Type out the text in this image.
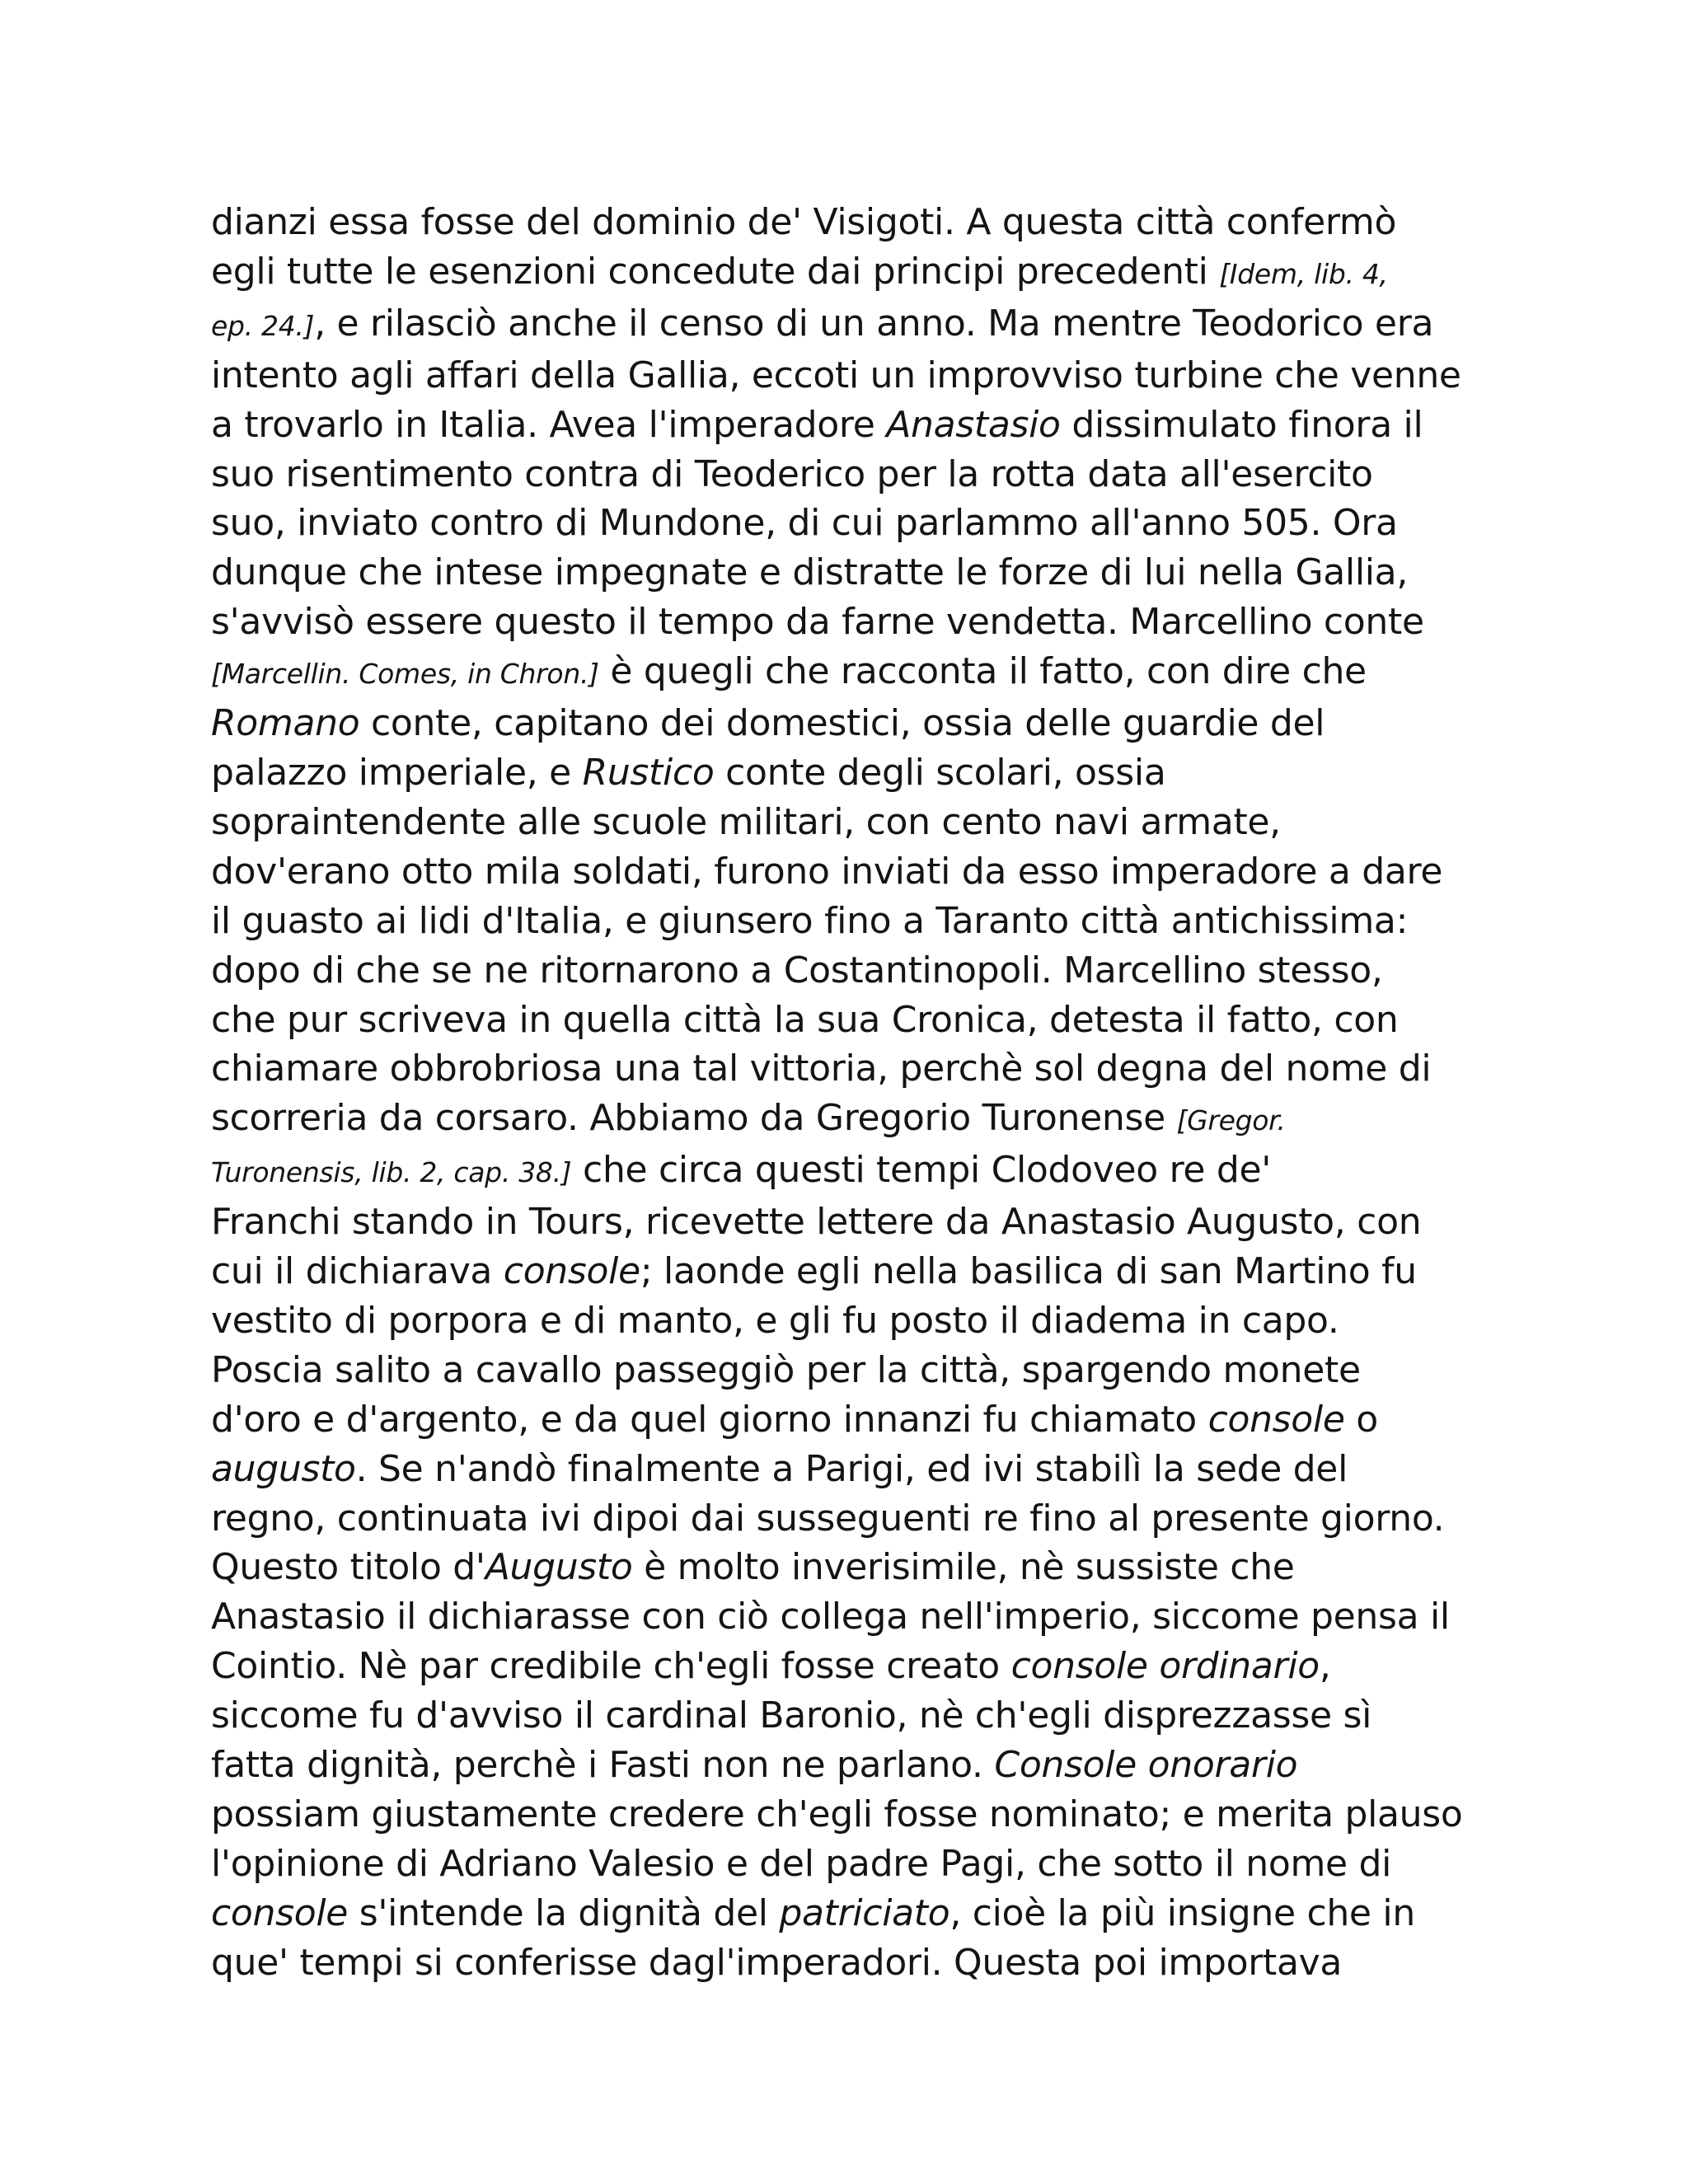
dianzi essa fosse del dominio de' Visigoti. A questa città confermò
egli tutte le esenzioni concedute dai principi precedenti [Idem, lib. 4,
ep. 24.], e rilasciò anche il censo di un anno. Ma mentre Teodorico era
intento agli affari della Gallia, eccoti un improvviso turbine che venne
a trovarlo in Italia. Avea l'imperadore Anastasio dissimulato finora il
suo risentimento contra di Teoderico per la rotta data all'esercito
suo, inviato contro di Mundone, di cui parlammo all'anno 505. Ora
dunque che intese impegnate e distratte le forze di lui nella Gallia,
s'avvisò essere questo il tempo da farne vendetta. Marcellino conte
[Marcellin. Comes, in Chron.] è quegli che racconta il fatto, con dire che
Romano conte, capitano dei domestici, ossia delle guardie del
palazzo imperiale, e Rustico conte degli scolari, ossia
sopraintendente alle scuole militari, con cento navi armate,
dov'erano otto mila soldati, furono inviati da esso imperadore a dare
il guasto ai lidi d'Italia, e giunsero fino a Taranto città antichissima:
dopo di che se ne ritornarono a Costantinopoli. Marcellino stesso,
che pur scriveva in quella città la sua Cronica, detesta il fatto, con
chiamare obbrobriosa una tal vittoria, perchè sol degna del nome di
scorreria da corsaro. Abbiamo da Gregorio Turonense [Gregor.
Turonensis, lib. 2, cap. 38.] che circa questi tempi Clodoveo re de'
Franchi stando in Tours, ricevette lettere da Anastasio Augusto, con
cui il dichiarava console; laonde egli nella basilica di san Martino fu
vestito di porpora e di manto, e gli fu posto il diadema in capo.
Poscia salito a cavallo passeggiò per la città, spargendo monete
d'oro e d'argento, e da quel giorno innanzi fu chiamato console o
augusto. Se n'andò finalmente a Parigi, ed ivi stabilì la sede del
regno, continuata ivi dipoi dai susseguenti re fino al presente giorno.
Questo titolo d'Augusto è molto inverisimile, nè sussiste che
Anastasio il dichiarasse con ciò collega nell'imperio, siccome pensa il
Cointio. Nè par credibile ch'egli fosse creato console ordinario,
siccome fu d'avviso il cardinal Baronio, nè ch'egli disprezzasse sì
fatta dignità, perchè i Fasti non ne parlano. Console onorario
possiam giustamente credere ch'egli fosse nominato; e merita plauso
l'opinione di Adriano Valesio e del padre Pagi, che sotto il nome di
console s'intende la dignità del patriciato, cioè la più insigne che in
que' tempi si conferisse dagl'imperadori. Questa poi importava
